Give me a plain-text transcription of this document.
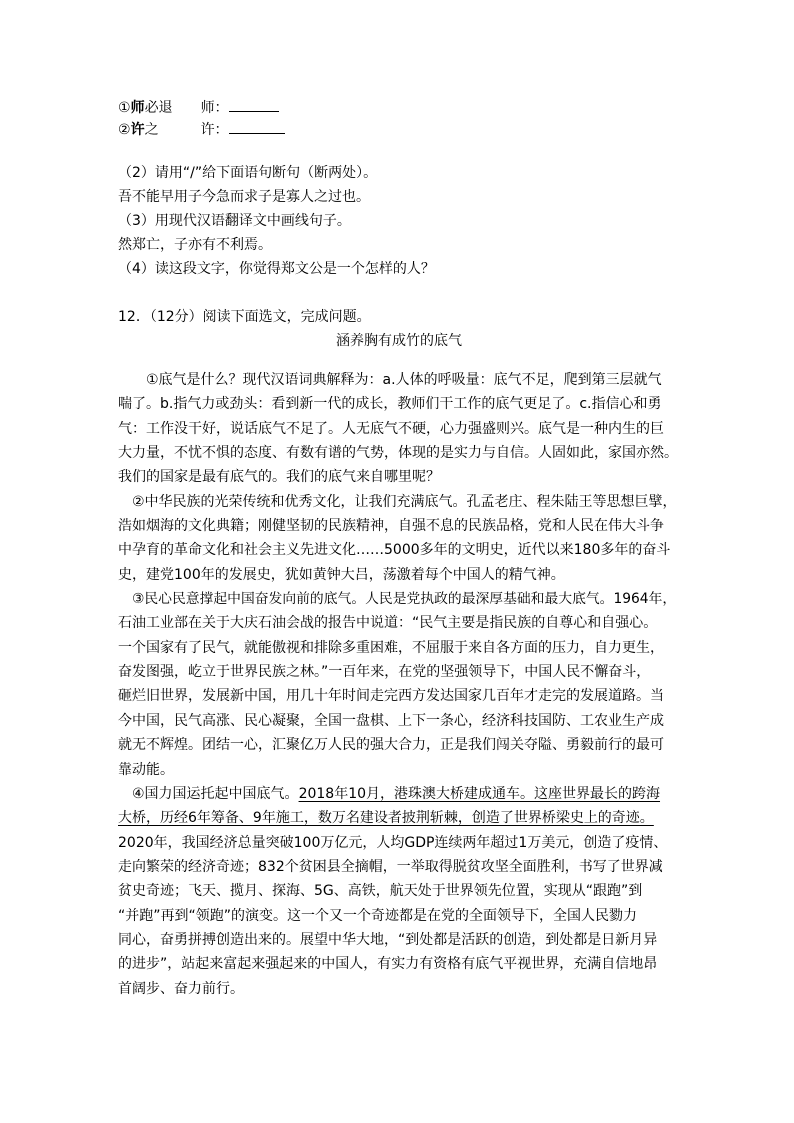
①师必退 师：
②许之	许：
（2）请用“/”给下面语句断句（断两处）。
吾不能早用子今急而求子是寡人之过也。
（3）用现代汉语翻译文中画线句子。
然郑亡，子亦有不利焉。
（4）读这段文字，你觉得郑文公是一个怎样的人？
12．（12分）阅读下面选文，完成问题。
涵养胸有成竹的底气
①底气是什么？现代汉语词典解释为：a.人体的呼吸量：底气不足，爬到第三层就气
喘了。b.指气力或劲头：看到新一代的成长，教师们干工作的底气更足了。c.指信心和勇
气：工作没干好，说话底气不足了。人无底气不硬，心力强盛则兴。底气是一种内生的巨
大力量，不忧不惧的态度、有数有谱的气势，体现的是实力与自信。人固如此，家国亦然。
我们的国家是最有底气的。我们的底气来自哪里呢？
②中华民族的光荣传统和优秀文化，让我们充满底气。孔孟老庄、程朱陆王等思想巨擘，
浩如烟海的文化典籍；刚健坚韧的民族精神，自强不息的民族品格，党和人民在伟大斗争
中孕育的革命文化和社会主义先进文化……5000多年的文明史，近代以来180多年的奋斗
史，建党100年的发展史，犹如黄钟大吕，荡激着每个中国人的精气神。
③民心民意撑起中国奋发向前的底气。人民是党执政的最深厚基础和最大底气。1964年，
石油工业部在关于大庆石油会战的报告中说道：“民气主要是指民族的自尊心和自强心。
一个国家有了民气，就能傲视和排除多重困难，不屈服于来自各方面的压力，自力更生，
奋发图强，屹立于世界民族之林。”一百年来，在党的坚强领导下，中国人民不懈奋斗，
砸烂旧世界，发展新中国，用几十年时间走完西方发达国家几百年才走完的发展道路。当
今中国，民气高涨、民心凝聚，全国一盘棋、上下一条心，经济科技国防、工农业生产成
就无不辉煌。团结一心，汇聚亿万人民的强大合力，正是我们闯关夺隘、勇毅前行的最可
靠动能。
④国力国运托起中国底气。2018年10月，港珠澳大桥建成通车。这座世界最长的跨海
大桥，历经6年筹备、9年施工，数万名建设者披荆斩棘，创造了世界桥梁史上的奇迹。
2020年，我国经济总量突破100万亿元，人均GDP连续两年超过1万美元，创造了疫情、
走向繁荣的经济奇迹；832个贫困县全摘帽，一举取得脱贫攻坚全面胜利，书写了世界减
贫史奇迹；飞天、揽月、探海、5G、高铁，航天处于世界领先位置，实现从“跟跑”到
“并跑”再到“领跑”的演变。这一个又一个奇迹都是在党的全面领导下，全国人民勠力
同心，奋勇拼搏创造出来的。展望中华大地，“到处都是活跃的创造，到处都是日新月异
的进步”，站起来富起来强起来的中国人，有实力有资格有底气平视世界，充满自信地昂
首阔步、奋力前行。
